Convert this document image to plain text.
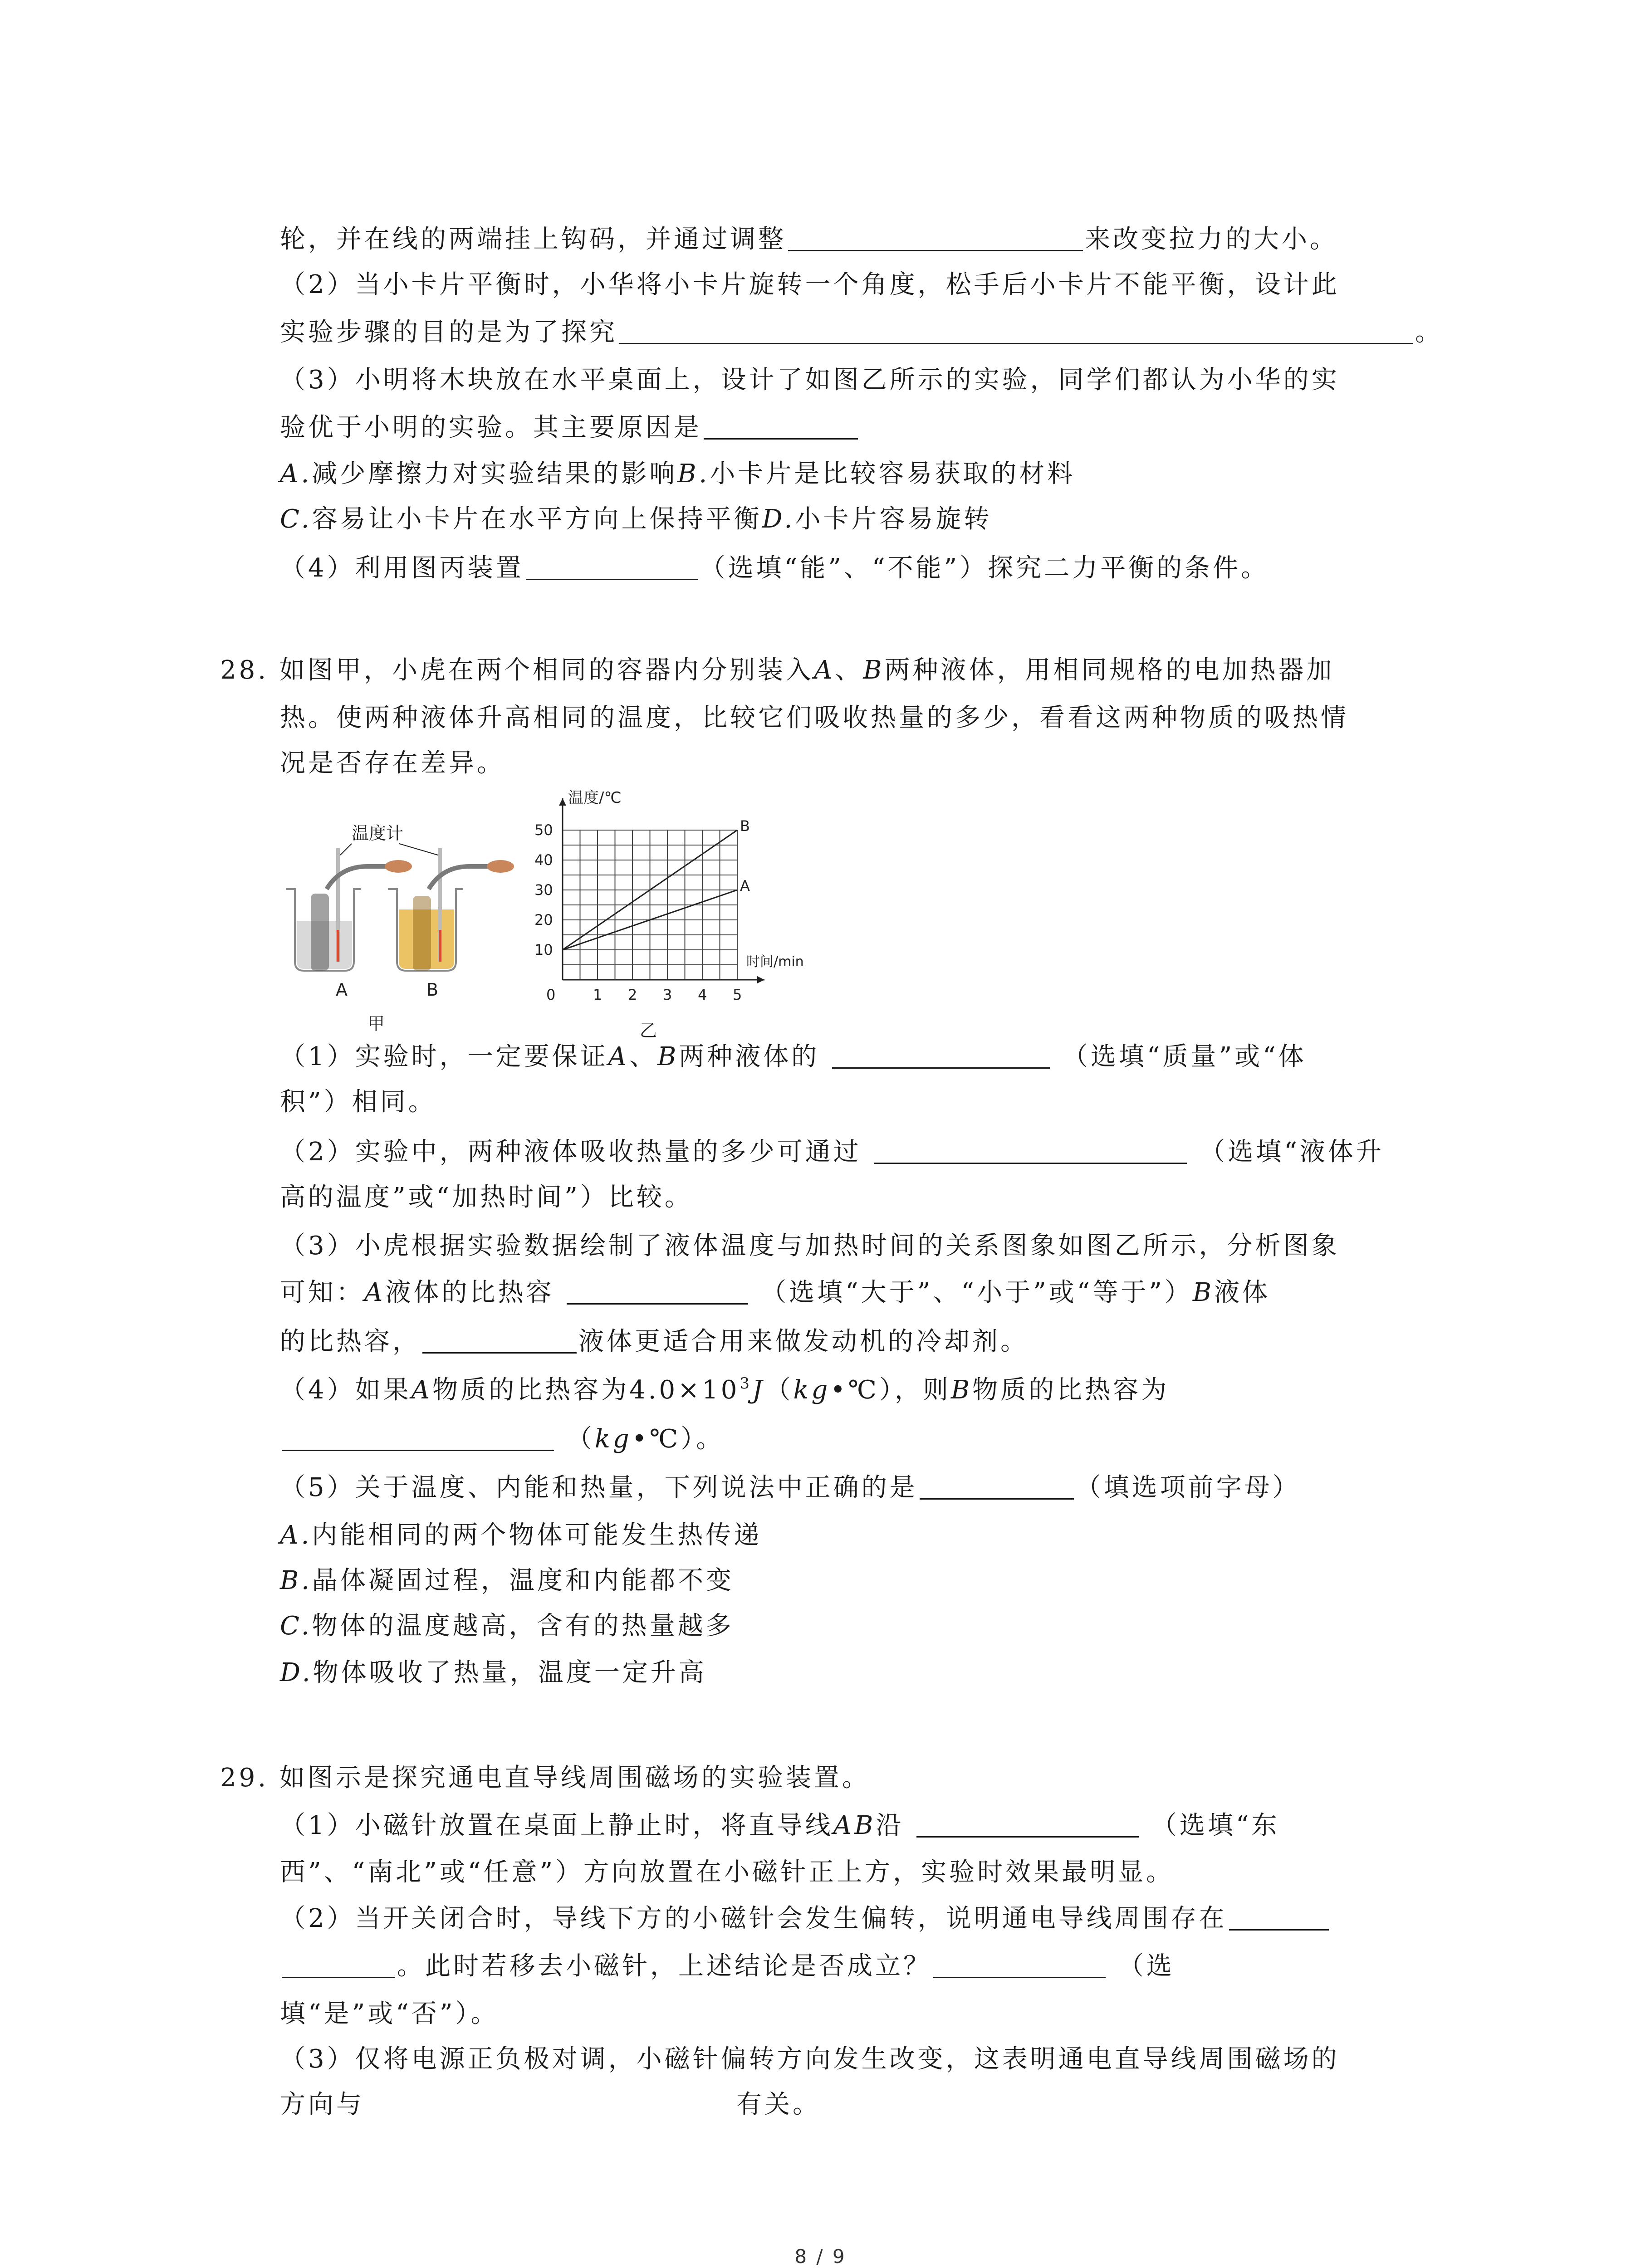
轮，并在线的两端挂上钩码，并通过调整	来改变拉力的大小。
（2）当小卡片平衡时，小华将小卡片旋转一个角度，松手后小卡片不能平衡，设计此
实验步骤的目的是为了探究	。
（3）小明将木块放在水平桌面上，设计了如图乙所示的实验，同学们都认为小华的实
验优于小明的实验。其主要原因是
A.减少摩擦力对实验结果的影响B.小卡片是比较容易获取的材料
C.容易让小卡片在水平方向上保持平衡D.小卡片容易旋转
（4）利用图丙装置	（选填“能”、“不能”）探究二力平衡的条件。
28. 如图甲，小虎在两个相同的容器内分别装入A、B两种液体，用相同规格的电加热器加
热。使两种液体升高相同的温度，比较它们吸收热量的多少，看看这两种物质的吸热情
况是否存在差异。
温度计
A	B
甲
0	1 2 3 4 5
10
20
30
40
50
温度/℃
时间/min
B
A
乙
（1）实验时，一定要保证A、B两种液体的	（选填“质量”或“体
积”）相同。
（2）实验中，两种液体吸收热量的多少可通过	（选填“液体升
高的温度”或“加热时间”）比较。
（3）小虎根据实验数据绘制了液体温度与加热时间的关系图象如图乙所示，分析图象
可知：A液体的比热容	（选填“大于”、“小于”或“等于”）B液体
的比热容，	液体更适合用来做发动机的冷却剂。
（4）如果A物质的比热容为$4.0\times 10^3J(kg•℃)$，则B物质的比热容为
（kg•℃）。
（5）关于温度、内能和热量，下列说法中正确的是	（填选项前字母）
A.内能相同的两个物体可能发生热传递
B.晶体凝固过程，温度和内能都不变
C.物体的温度越高，含有的热量越多
D.物体吸收了热量，温度一定升高
29. 如图示是探究通电直导线周围磁场的实验装置。
（1）小磁针放置在桌面上静止时，将直导线AB沿	（选填“东
西”、“南北”或“任意”）方向放置在小磁针正上方，实验时效果最明显。
（2）当开关闭合时，导线下方的小磁针会发生偏转，说明通电导线周围存在
。此时若移去小磁针，上述结论是否成立？	（选
填“是”或“否”）。
（3）仅将电源正负极对调，小磁针偏转方向发生改变，这表明通电直导线周围磁场的
方向与	有关。
8 / 9
